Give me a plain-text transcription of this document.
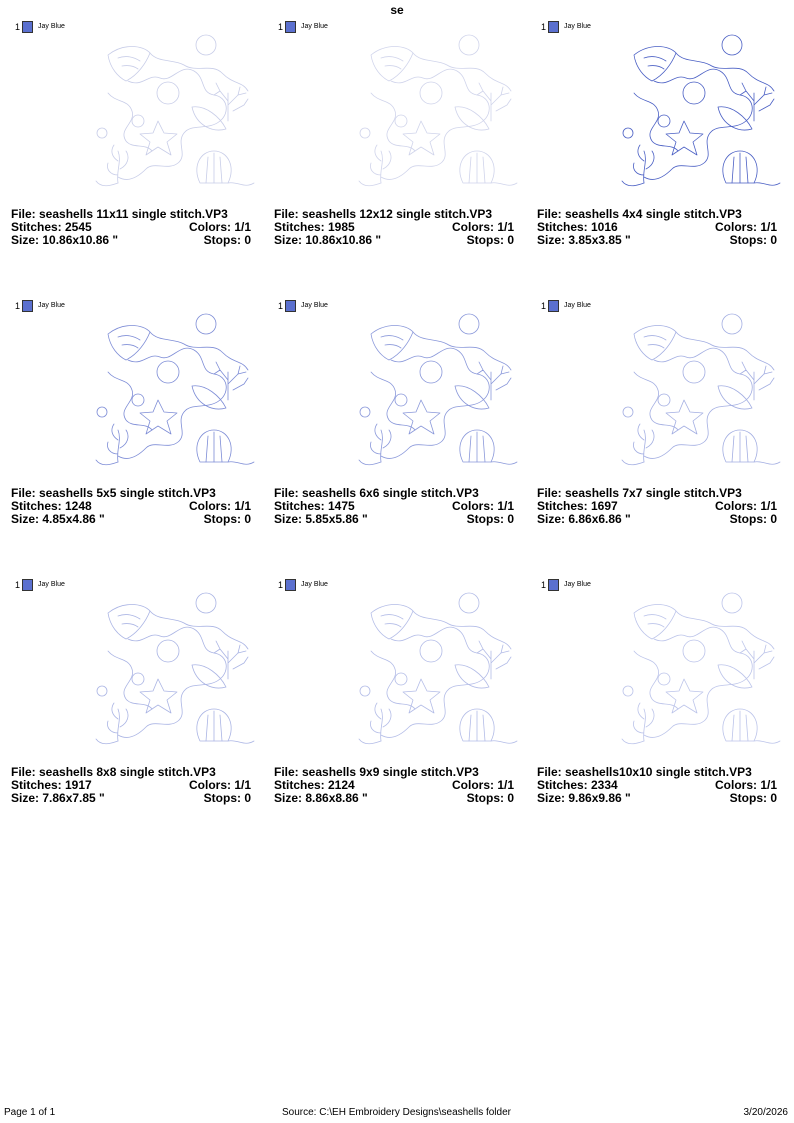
se
1	Jay Blue
File: seashells 11x11 single stitch.VP3
Stitches: 2545	Colors: 1/1
Size: 10.86x10.86 "	Stops: 0
1	Jay Blue
File: seashells 12x12 single stitch.VP3
Stitches: 1985	Colors: 1/1
Size: 10.86x10.86 "	Stops: 0
1	Jay Blue
File: seashells 4x4 single stitch.VP3
Stitches: 1016	Colors: 1/1
Size: 3.85x3.85 "	Stops: 0
1	Jay Blue
File: seashells 5x5 single stitch.VP3
Stitches: 1248	Colors: 1/1
Size: 4.85x4.86 "	Stops: 0
1	Jay Blue
File: seashells 6x6 single stitch.VP3
Stitches: 1475	Colors: 1/1
Size: 5.85x5.86 "	Stops: 0
1	Jay Blue
File: seashells 7x7 single stitch.VP3
Stitches: 1697	Colors: 1/1
Size: 6.86x6.86 "	Stops: 0
1	Jay Blue
File: seashells 8x8 single stitch.VP3
Stitches: 1917	Colors: 1/1
Size: 7.86x7.85 "	Stops: 0
1	Jay Blue
File: seashells 9x9 single stitch.VP3
Stitches: 2124	Colors: 1/1
Size: 8.86x8.86 "	Stops: 0
1	Jay Blue
File: seashells10x10 single stitch.VP3
Stitches: 2334	Colors: 1/1
Size: 9.86x9.86 "	Stops: 0
Page 1 of 1	Source: C:\EH Embroidery Designs\seashells folder	3/20/2026
